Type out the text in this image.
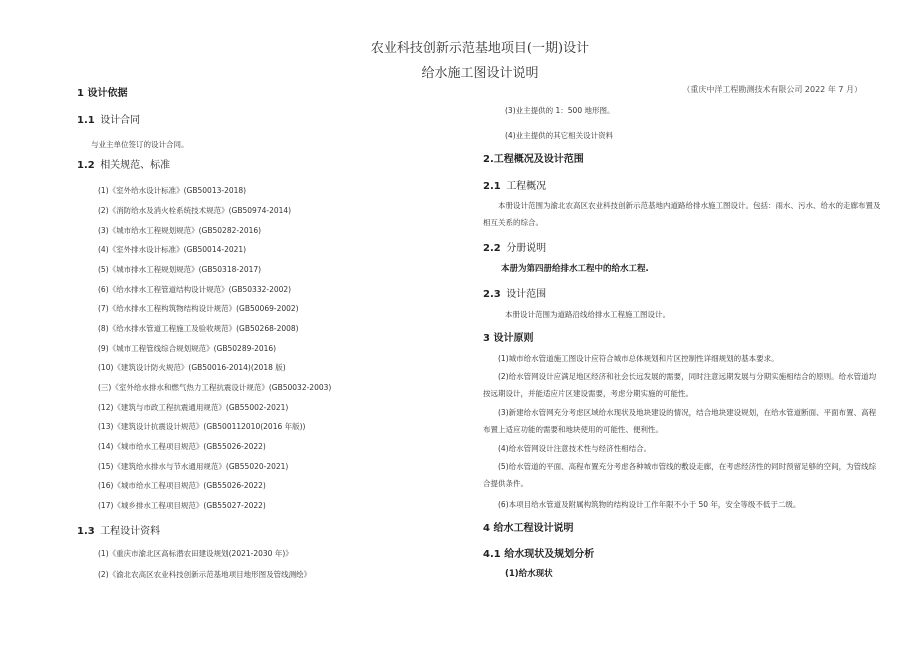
农业科技创新示范基地项目(一期)设计
给水施工图设计说明
（重庆中洋工程勘测技术有限公司 2022 年 7 月）
1 设计依据
1.1 设计合同
与业主单位签订的设计合同。
1.2 相关规范、标准
(1)《室外给水设计标准》(GB50013-2018)
(2)《消防给水及消火栓系统技术规范》(GB50974-2014)
(3)《城市给水工程规划规范》(GB50282-2016)
(4)《室外排水设计标准》(GB50014-2021)
(5)《城市排水工程规划规范》(GB50318-2017)
(6)《给水排水工程管道结构设计规范》(GB50332-2002)
(7)《给水排水工程构筑物结构设计规范》(GB50069-2002)
(8)《给水排水管道工程施工及验收规范》(GB50268-2008)
(9)《城市工程管线综合规划规范》(GB50289-2016)
(10)《建筑设计防火规范》(GB50016-2014)(2018 版)
(三)《室外给水排水和燃气热力工程抗震设计规范》(GB50032-2003)
(12)《建筑与市政工程抗震通用规范》(GB55002-2021)
(13)《建筑设计抗震设计规范》(GB500112010(2016 年版))
(14)《城市给水工程项目规范》(GB55026-2022)
(15)《建筑给水排水与节水通用规范》(GB55020-2021)
(16)《城市给水工程项目规范》(GB55026-2022)
(17)《城乡排水工程项目规范》(GB55027-2022)
1.3 工程设计资料
(1)《重庆市渝北区高标潜农田建设规划(2021-2030 年)》
(2)《渝北农高区农业科技创新示范基地项目地形图及管线测绘》
(3)业主提供的 1：500 地形图。
(4)业主提供的其它相关设计资料
2.工程概况及设计范围
2.1 工程概况
本册设计范围为渝北农高区农业科技创新示范基地内道路给排水施工图设计。包括：雨水、污水、给水的走廊布置及相互关系的综合。
2.2 分册说明
本册为第四册给排水工程中的给水工程.
2.3 设计范围
本册设计范围为道路沿线给排水工程施工图设计。
3 设计原则
(1)城市给水管道施工图设计应符合城市总体规划和片区控制性详细规划的基本要求。
(2)给水管网设计应满足地区经济和社会长远发展的需要，同时注意远期发展与分期实施相结合的原则。给水管道均按远期设计，并能适应片区建设需要，考虑分期实施的可能性。
(3)新建给水管网充分考虑区域给水现状及地块建设的情况，结合地块建设规划，在给水管道断面、平面布置、高程布置上适应功能的需要和地块使用的可能性、便利性。
(4)给水管网设计注意技术性与经济性相结合。
(5)给水管道的平面、高程布置充分考虑各种城市管线的敷设走廊，在考虑经济性的同时预留足够的空间，为管线综合提供条件。
(6)本项目给水管道及附属构筑物的结构设计工作年限不小于 50 年，安全等级不低于二级。
4 给水工程设计说明
4.1 给水现状及规划分析
(1)给水现状
